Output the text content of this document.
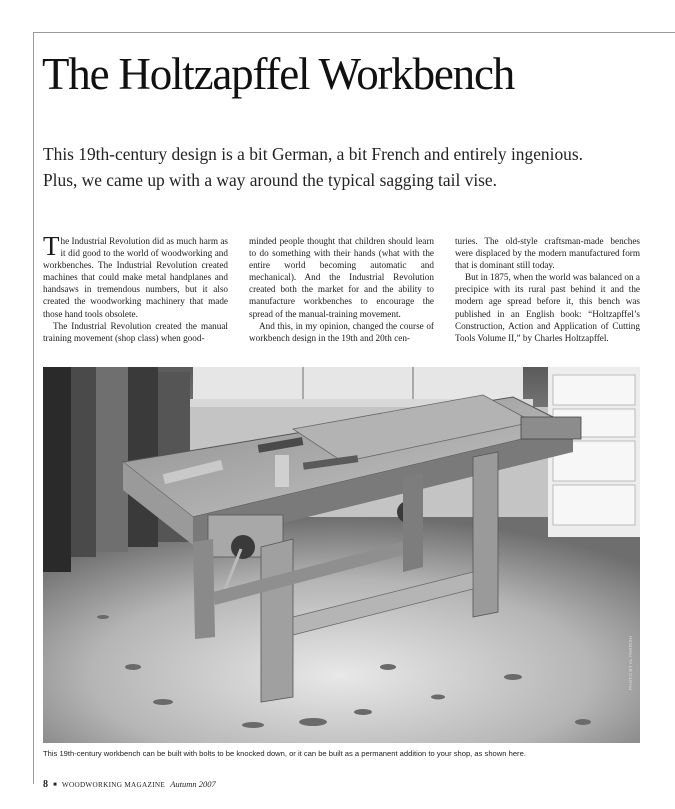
The Holtzapffel Workbench

This 19th-century design is a bit German, a bit French and entirely ingenious.

Plus, we came up with a way around the typical sagging tail vise.

The Industrial Revolution did as much harm as it did good to the world of woodworking and workbenches. The Industrial Revolution created machines that could make metal handplanes and handsaws in tremendous numbers, but it also created the woodworking machinery that made those hand tools obsolete.

The Industrial Revolution created the manual training movement (shop class) when good-

minded people thought that children should learn to do something with their hands (what with the entire world becoming automatic and mechanical). And the Industrial Revolution created both the market for and the ability to manufacture workbenches to encourage the spread of the manual-training movement.

And this, in my opinion, changed the course of workbench design in the 19th and 20th cen-

turies. The old-style craftsman-made benches were displaced by the modern manufactured form that is dominant still today.

But in 1875, when the world was balanced on a precipice with its rural past behind it and the modern age spread before it, this bench was published in an English book: “Holtzapffel’s Construction, Action and Application of Cutting Tools Volume II,” by Charles Holtzapffel.

PHOTO BY AL PARRISH
This 19th-century workbench can be built with bolts to be knocked down, or it can be built as a permanent addition to your shop, as shown here.
8 ■ WOODWORKING MAGAZINE Autumn 2007
